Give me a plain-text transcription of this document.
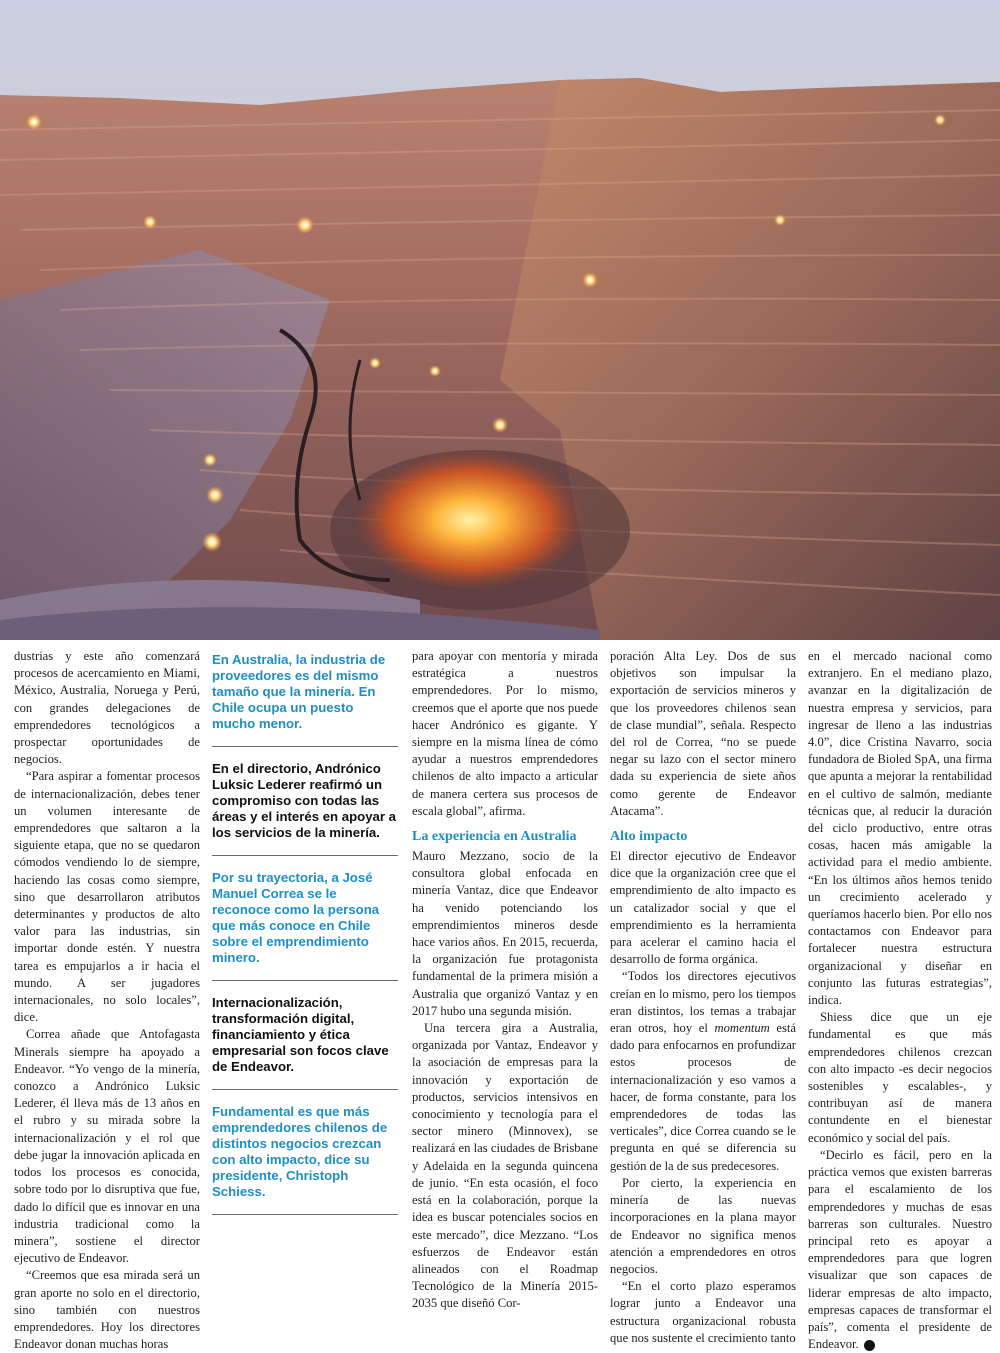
dustrias y este año comenzará procesos de acercamiento en Miami, México, Australia, Noruega y Perú, con grandes delegaciones de emprendedores tecnológicos a prospectar oportunidades de negocios.

“Para aspirar a fomentar procesos de internacionalización, debes tener un volumen interesante de emprendedores que saltaron a la siguiente etapa, que no se quedaron cómodos vendiendo lo de siempre, haciendo las cosas como siempre, sino que desarrollaron atributos determinantes y productos de alto valor para las industrias, sin importar donde estén. Y nuestra tarea es empujarlos a ir hacia el mundo. A ser jugadores internacionales, no solo locales”, dice.

Correa añade que Antofagasta Minerals siempre ha apoyado a Endeavor. “Yo vengo de la minería, conozco a Andrónico Luksic Lederer, él lleva más de 13 años en el rubro y su mirada sobre la internacionalización y el rol que debe jugar la innovación aplicada en todos los procesos es conocida, sobre todo por lo disruptiva que fue, dado lo difícil que es innovar en una industria tradicional como la minera”, sostiene el director ejecutivo de Endeavor.

“Creemos que esa mirada será un gran aporte no solo en el directorio, sino también con nuestros emprendedores. Hoy los directores Endeavor donan muchas horas

En Australia, la industria de proveedores es del mismo tamaño que la minería. En Chile ocupa un puesto mucho menor.
En el directorio, Andrónico Luksic Lederer reafirmó un compromiso con todas las áreas y el interés en apoyar a los servicios de la minería.
Por su trayectoria, a José Manuel Correa se le reconoce como la persona que más conoce en Chile sobre el emprendimiento minero.
Internacionalización, transformación digital, financiamiento y ética empresarial son focos clave de Endeavor.
Fundamental es que más emprendedores chilenos de distintos negocios crezcan con alto impacto, dice su presidente, Christoph Schiess.

para apoyar con mentoría y mirada estratégica a nuestros emprendedores. Por lo mismo, creemos que el aporte que nos puede hacer Andrónico es gigante. Y siempre en la misma línea de cómo ayudar a nuestros emprendedores chilenos de alto impacto a articular de manera certera sus procesos de escala global”, afirma.

La experiencia en Australia

Mauro Mezzano, socio de la consultora global enfocada en minería Vantaz, dice que Endeavor ha venido potenciando los emprendimientos mineros desde hace varios años. En 2015, recuerda, la organización fue protagonista fundamental de la primera misión a Australia que organizó Vantaz y en 2017 hubo una segunda misión.

Una tercera gira a Australia, organizada por Vantaz, Endeavor y la asociación de empresas para la innovación y exportación de productos, servicios intensivos en conocimiento y tecnología para el sector minero (Minnovex), se realizará en las ciudades de Brisbane y Adelaida en la segunda quincena de junio. “En esta ocasión, el foco está en la colaboración, porque la idea es buscar potenciales socios en este mercado”, dice Mezzano. “Los esfuerzos de Endeavor están alineados con el Roadmap Tecnológico de la Minería 2015-2035 que diseñó Cor-

poración Alta Ley. Dos de sus objetivos son impulsar la exportación de servicios mineros y que los proveedores chilenos sean de clase mundial”, señala. Respecto del rol de Correa, “no se puede negar su lazo con el sector minero dada su experiencia de siete años como gerente de Endeavor Atacama”.

Alto impacto

El director ejecutivo de Endeavor dice que la organización cree que el emprendimiento de alto impacto es un catalizador social y que el emprendimiento es la herramienta para acelerar el camino hacia el desarrollo de forma orgánica.

“Todos los directores ejecutivos creían en lo mismo, pero los tiempos eran distintos, los temas a trabajar eran otros, hoy el momentum está dado para enfocarnos en profundizar estos procesos de internacionalización y eso vamos a hacer, de forma constante, para los emprendedores de todas las verticales”, dice Correa cuando se le pregunta en qué se diferencia su gestión de la de sus predecesores.

Por cierto, la experiencia en minería de las nuevas incorporaciones en la plana mayor de Endeavor no significa menos atención a emprendedores en otros negocios.

“En el corto plazo esperamos lograr junto a Endeavor una estructura organizacional robusta que nos sustente el crecimiento tanto

en el mercado nacional como extranjero. En el mediano plazo, avanzar en la digitalización de nuestra empresa y servicios, para ingresar de lleno a las industrias 4.0”, dice Cristina Navarro, socia fundadora de Bioled SpA, una firma que apunta a mejorar la rentabilidad en el cultivo de salmón, mediante técnicas que, al reducir la duración del ciclo productivo, entre otras cosas, hacen más amigable la actividad para el medio ambiente. “En los últimos años hemos tenido un crecimiento acelerado y queríamos hacerlo bien. Por ello nos contactamos con Endeavor para fortalecer nuestra estructura organizacional y diseñar en conjunto las futuras estrategias”, indica.

Shiess dice que un eje fundamental es que más emprendedores chilenos crezcan con alto impacto -es decir negocios sostenibles y escalables-, y contribuyan así de manera contundente en el bienestar económico y social del país.

“Decirlo es fácil, pero en la práctica vemos que existen barreras para el escalamiento de los emprendedores y muchas de esas barreras son culturales. Nuestro principal reto es apoyar a emprendedores para que logren visualizar que son capaces de liderar empresas de alto impacto, empresas capaces de transformar el país”, comenta el presidente de Endeavor. P
